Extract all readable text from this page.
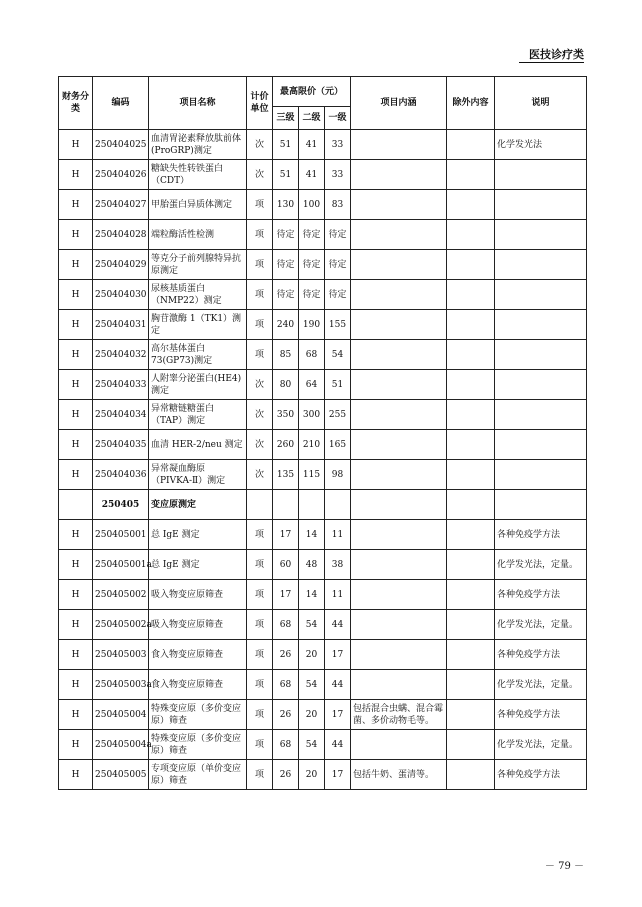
医技诊疗类
财务分类	编码	项目名称	计价单位	最高限价（元）			项目内涵	除外内容	说明
				三级	二级	一级			
H	250404025	血清胃泌素释放肽前体(ProGRP)测定	次	51	41	33			化学发光法
H	250404026	糖缺失性转铁蛋白（CDT）	次	51	41	33			
H	250404027	甲胎蛋白异质体测定	项	130	100	83			
H	250404028	端粒酶活性检测	项	待定	待定	待定			
H	250404029	等克分子前列腺特异抗原测定	项	待定	待定	待定			
H	250404030	尿核基质蛋白（NMP22）测定	项	待定	待定	待定			
H	250404031	胸苷激酶 1（TK1）测定	项	240	190	155			
H	250404032	高尔基体蛋白 73(GP73)测定	项	85	68	54			
H	250404033	人附睾分泌蛋白(HE4)测定	次	80	64	51			
H	250404034	异常糖链糖蛋白（TAP）测定	次	350	300	255			
H	250404035	血清 HER-2/neu 测定	次	260	210	165			
H	250404036	异常凝血酶原（PIVKA-Ⅱ）测定	次	135	115	98			
	250405	变应原测定							
H	250405001	总 IgE 测定	项	17	14	11			各种免疫学方法
H	250405001a	总 IgE 测定	项	60	48	38			化学发光法，定量。
H	250405002	吸入物变应原筛查	项	17	14	11			各种免疫学方法
H	250405002a	吸入物变应原筛查	项	68	54	44			化学发光法，定量。
H	250405003	食入物变应原筛查	项	26	20	17			各种免疫学方法
H	250405003a	食入物变应原筛查	项	68	54	44			化学发光法，定量。
H	250405004	特殊变应原（多价变应原）筛查	项	26	20	17	包括混合虫螨、混合霉菌、多价动物毛等。		各种免疫学方法
H	250405004a	特殊变应原（多价变应原）筛查	项	68	54	44			化学发光法，定量。
H	250405005	专项变应原（单价变应原）筛查	项	26	20	17	包括牛奶、蛋清等。		各种免疫学方法
－ 79 －
